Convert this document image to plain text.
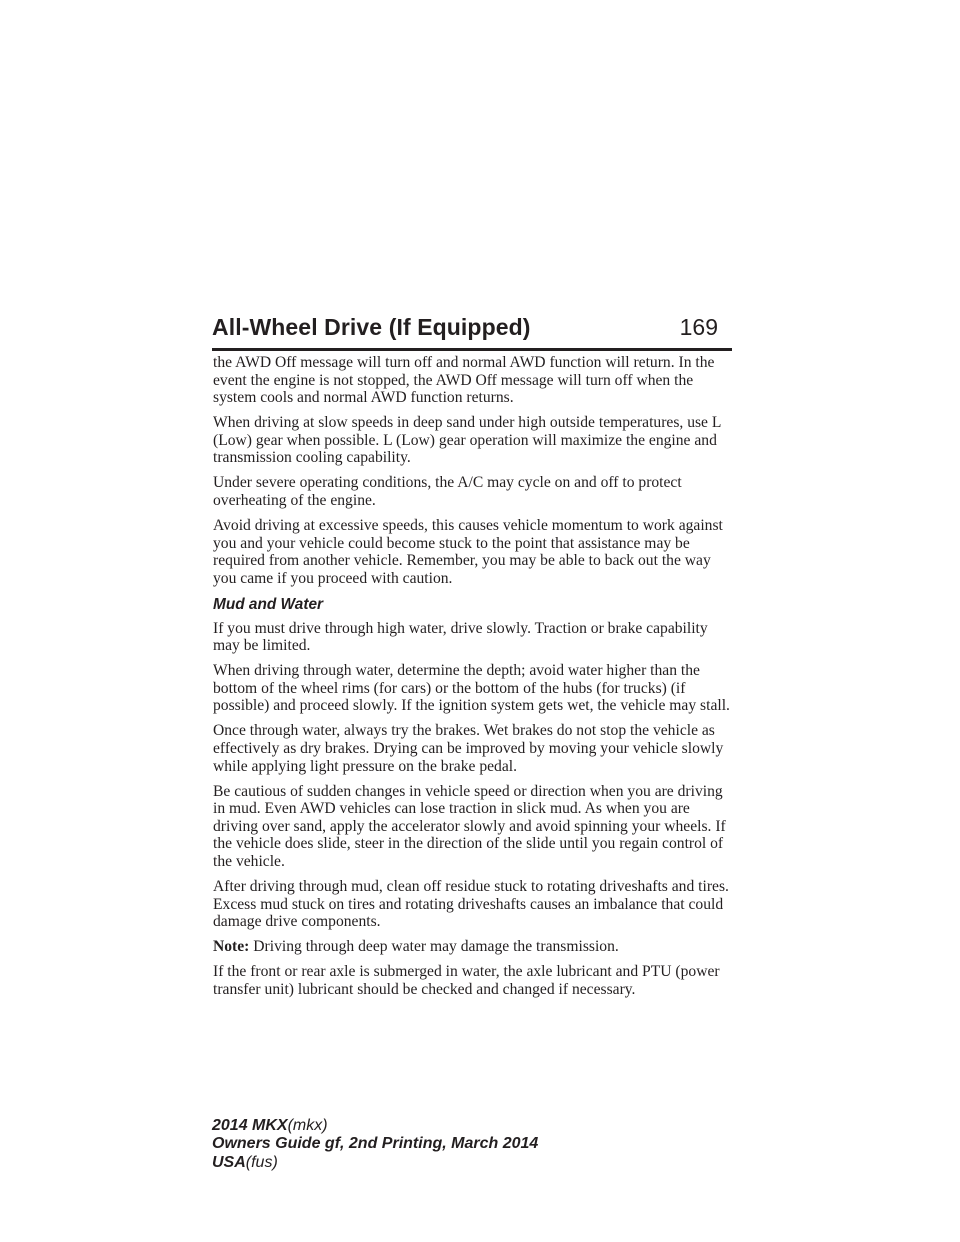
All-Wheel Drive (If Equipped)	169

the AWD Off message will turn off and normal AWD function will return. In the event the engine is not stopped, the AWD Off message will turn off when the system cools and normal AWD function returns.

When driving at slow speeds in deep sand under high outside temperatures, use L (Low) gear when possible. L (Low) gear operation will maximize the engine and transmission cooling capability.

Under severe operating conditions, the A/C may cycle on and off to protect overheating of the engine.

Avoid driving at excessive speeds, this causes vehicle momentum to work against you and your vehicle could become stuck to the point that assistance may be required from another vehicle. Remember, you may be able to back out the way you came if you proceed with caution.

Mud and Water

If you must drive through high water, drive slowly. Traction or brake capability may be limited.

When driving through water, determine the depth; avoid water higher than the bottom of the wheel rims (for cars) or the bottom of the hubs (for trucks) (if possible) and proceed slowly. If the ignition system gets wet, the vehicle may stall.

Once through water, always try the brakes. Wet brakes do not stop the vehicle as effectively as dry brakes. Drying can be improved by moving your vehicle slowly while applying light pressure on the brake pedal.

Be cautious of sudden changes in vehicle speed or direction when you are driving in mud. Even AWD vehicles can lose traction in slick mud. As when you are driving over sand, apply the accelerator slowly and avoid spinning your wheels. If the vehicle does slide, steer in the direction of the slide until you regain control of the vehicle.

After driving through mud, clean off residue stuck to rotating driveshafts and tires. Excess mud stuck on tires and rotating driveshafts causes an imbalance that could damage drive components.

Note: Driving through deep water may damage the transmission.

If the front or rear axle is submerged in water, the axle lubricant and PTU (power transfer unit) lubricant should be checked and changed if necessary.

2014 MKX(mkx)
Owners Guide gf, 2nd Printing, March 2014
USA(fus)
